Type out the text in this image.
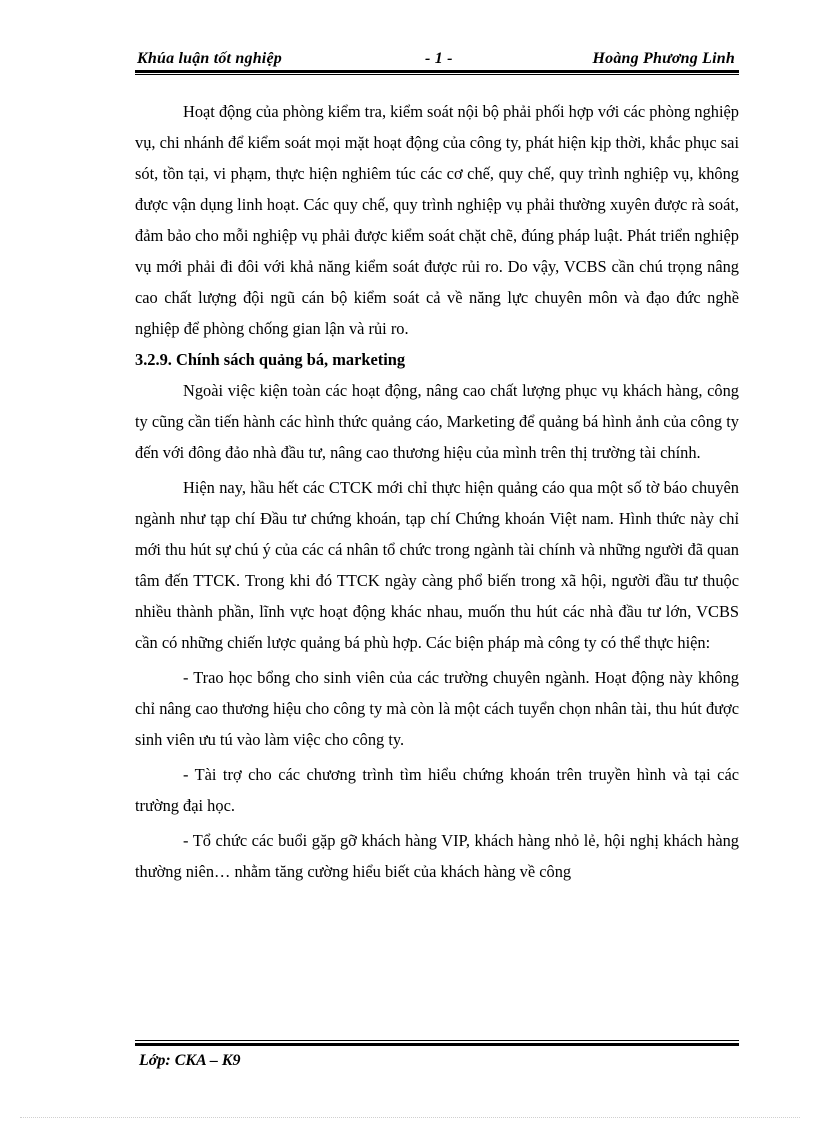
Khúa luận tốt nghiệp	- 1 -	Hoàng Phương Linh

Hoạt động của phòng kiểm tra, kiểm soát nội bộ phải phối hợp với các phòng nghiệp vụ, chi nhánh để kiểm soát mọi mặt hoạt động của công ty, phát hiện kịp thời, khắc phục sai sót, tồn tại, vi phạm, thực hiện nghiêm túc các cơ chế, quy chế, quy trình nghiệp vụ, không được vận dụng linh hoạt. Các quy chế, quy trình nghiệp vụ phải thường xuyên được rà soát, đảm bảo cho mỗi nghiệp vụ phải được kiểm soát chặt chẽ, đúng pháp luật. Phát triển nghiệp vụ mới phải đi đôi với khả năng kiểm soát được rủi ro. Do vậy, VCBS cần chú trọng nâng cao chất lượng đội ngũ cán bộ kiểm soát cả về năng lực chuyên môn và đạo đức nghề nghiệp để phòng chống gian lận và rủi ro.

3.2.9. Chính sách quảng bá, marketing

Ngoài việc kiện toàn các hoạt động, nâng cao chất lượng phục vụ khách hàng, công ty cũng cần tiến hành các hình thức quảng cáo, Marketing để quảng bá hình ảnh của công ty đến với đông đảo nhà đầu tư, nâng cao thương hiệu của mình trên thị trường tài chính.

Hiện nay, hầu hết các CTCK mới chỉ thực hiện quảng cáo qua một số tờ báo chuyên ngành như tạp chí Đầu tư chứng khoán, tạp chí Chứng khoán Việt nam. Hình thức này chỉ mới thu hút sự chú ý của các cá nhân tổ chức trong ngành tài chính và những người đã quan tâm đến TTCK. Trong khi đó TTCK ngày càng phổ biến trong xã hội, người đầu tư thuộc nhiều thành phần, lĩnh vực hoạt động khác nhau, muốn thu hút các nhà đầu tư lớn, VCBS cần có những chiến lược quảng bá phù hợp. Các biện pháp mà công ty có thể thực hiện:

- Trao học bổng cho sinh viên của các trường chuyên ngành. Hoạt động này không chỉ nâng cao thương hiệu cho công ty mà còn là một cách tuyển chọn nhân tài, thu hút được sinh viên ưu tú vào làm việc cho công ty.

- Tài trợ cho các chương trình tìm hiểu chứng khoán trên truyền hình và tại các trường đại học.

- Tổ chức các buổi gặp gỡ khách hàng VIP, khách hàng nhỏ lẻ, hội nghị khách hàng thường niên… nhằm tăng cường hiểu biết của khách hàng về công

Lớp: CKA – K9
